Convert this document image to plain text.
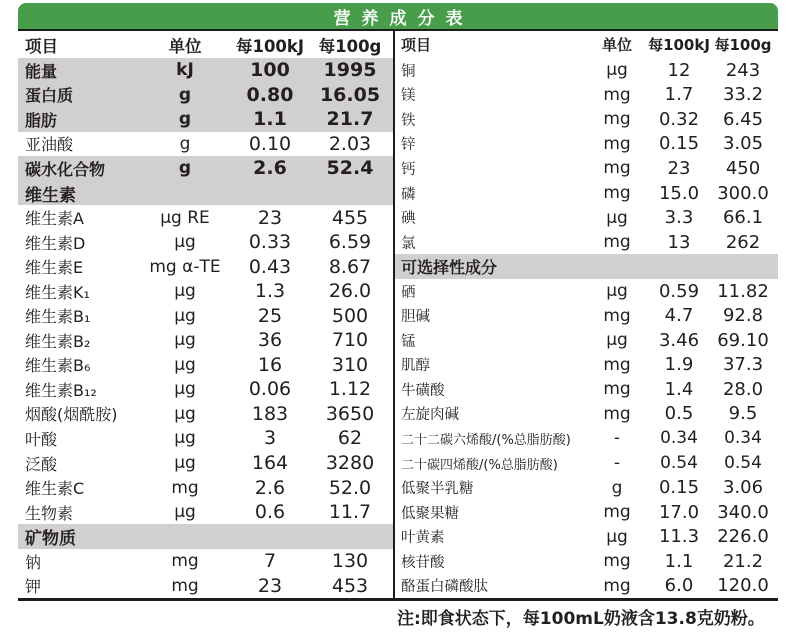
营养成分表
项目	单位	每100kJ 每100g
能量	kJ	100	1995
蛋白质	g	0.80	16.05
脂肪	g	1.1	21.7
亚油酸	g	0.10	2.03
碳水化合物	g	2.6	52.4
维生素
维生素A	μg RE	23	455
维生素D	μg	0.33	6.59
维生素E	mg α-TE	0.43	8.67
维生素K₁	μg	1.3	26.0
维生素B₁	μg	25	500
维生素B₂	μg	36	710
维生素B₆	μg	16	310
维生素B₁₂	μg	0.06	1.12
烟酸(烟酰胺)	μg	183	3650
叶酸	μg	3	62
泛酸	μg	164	3280
维生素C	mg	2.6	52.0
生物素	μg	0.6	11.7
矿物质
钠	mg	7	130
钾	mg	23	453
项目	单位	每100kJ 每100g
铜	μg	12	243
镁	mg	1.7	33.2
铁	mg	0.32	6.45
锌	mg	0.15	3.05
钙	mg	23	450
磷	mg	15.0	300.0
碘	μg	3.3	66.1
氯	mg	13	262
可选择性成分
硒	μg	0.59	11.82
胆碱	mg	4.7	92.8
锰	μg	3.46	69.10
肌醇	mg	1.9	37.3
牛磺酸	mg	1.4	28.0
左旋肉碱	mg	0.5	9.5
二十二碳六烯酸/(%总脂肪酸)	-	0.34	0.34
二十碳四烯酸/(%总脂肪酸)	-	0.54	0.54
低聚半乳糖	g	0.15	3.06
低聚果糖	mg	17.0	340.0
叶黄素	μg	11.3	226.0
核苷酸	mg	1.1	21.2
酪蛋白磷酸肽	mg	6.0	120.0
注:即食状态下，每100mL奶液含13.8克奶粉。
